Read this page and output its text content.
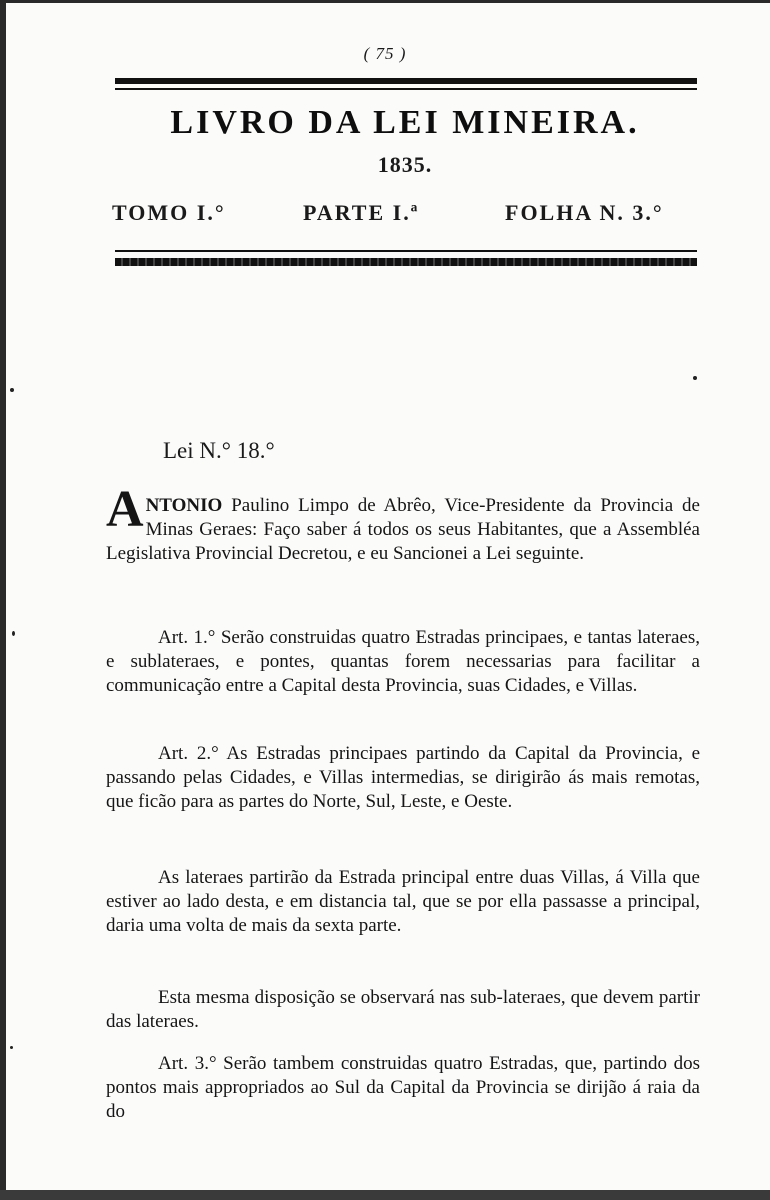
( 75 )
LIVRO DA LEI MINEIRA.
1835.
TOMO I.°	PARTE I.ª	FOLHA N. 3.°
Lei N.° 18.°
ANTONIO Paulino Limpo de Abrêo, Vice-Presidente da Provincia de Minas Geraes: Faço saber á todos os seus Habitantes, que a Assembléa Legislativa Provincial Decretou, e eu Sancionei a Lei seguinte.
Art. 1.° Serão construidas quatro Estradas principaes, e tantas lateraes, e sublateraes, e pontes, quantas forem necessarias para facilitar a communicação entre a Capital desta Provincia, suas Cidades, e Villas.
Art. 2.° As Estradas principaes partindo da Capital da Provincia, e passando pelas Cidades, e Villas intermedias, se dirigirão ás mais remotas, que ficão para as partes do Norte, Sul, Leste, e Oeste.
As lateraes partirão da Estrada principal entre duas Villas, á Villa que estiver ao lado desta, e em distancia tal, que se por ella passasse a principal, daria uma volta de mais da sexta parte.
Esta mesma disposição se observará nas sub-lateraes, que devem partir das lateraes.
Art. 3.° Serão tambem construidas quatro Estradas, que, partindo dos pontos mais appropriados ao Sul da Capital da Provincia se dirijão á raia da do
